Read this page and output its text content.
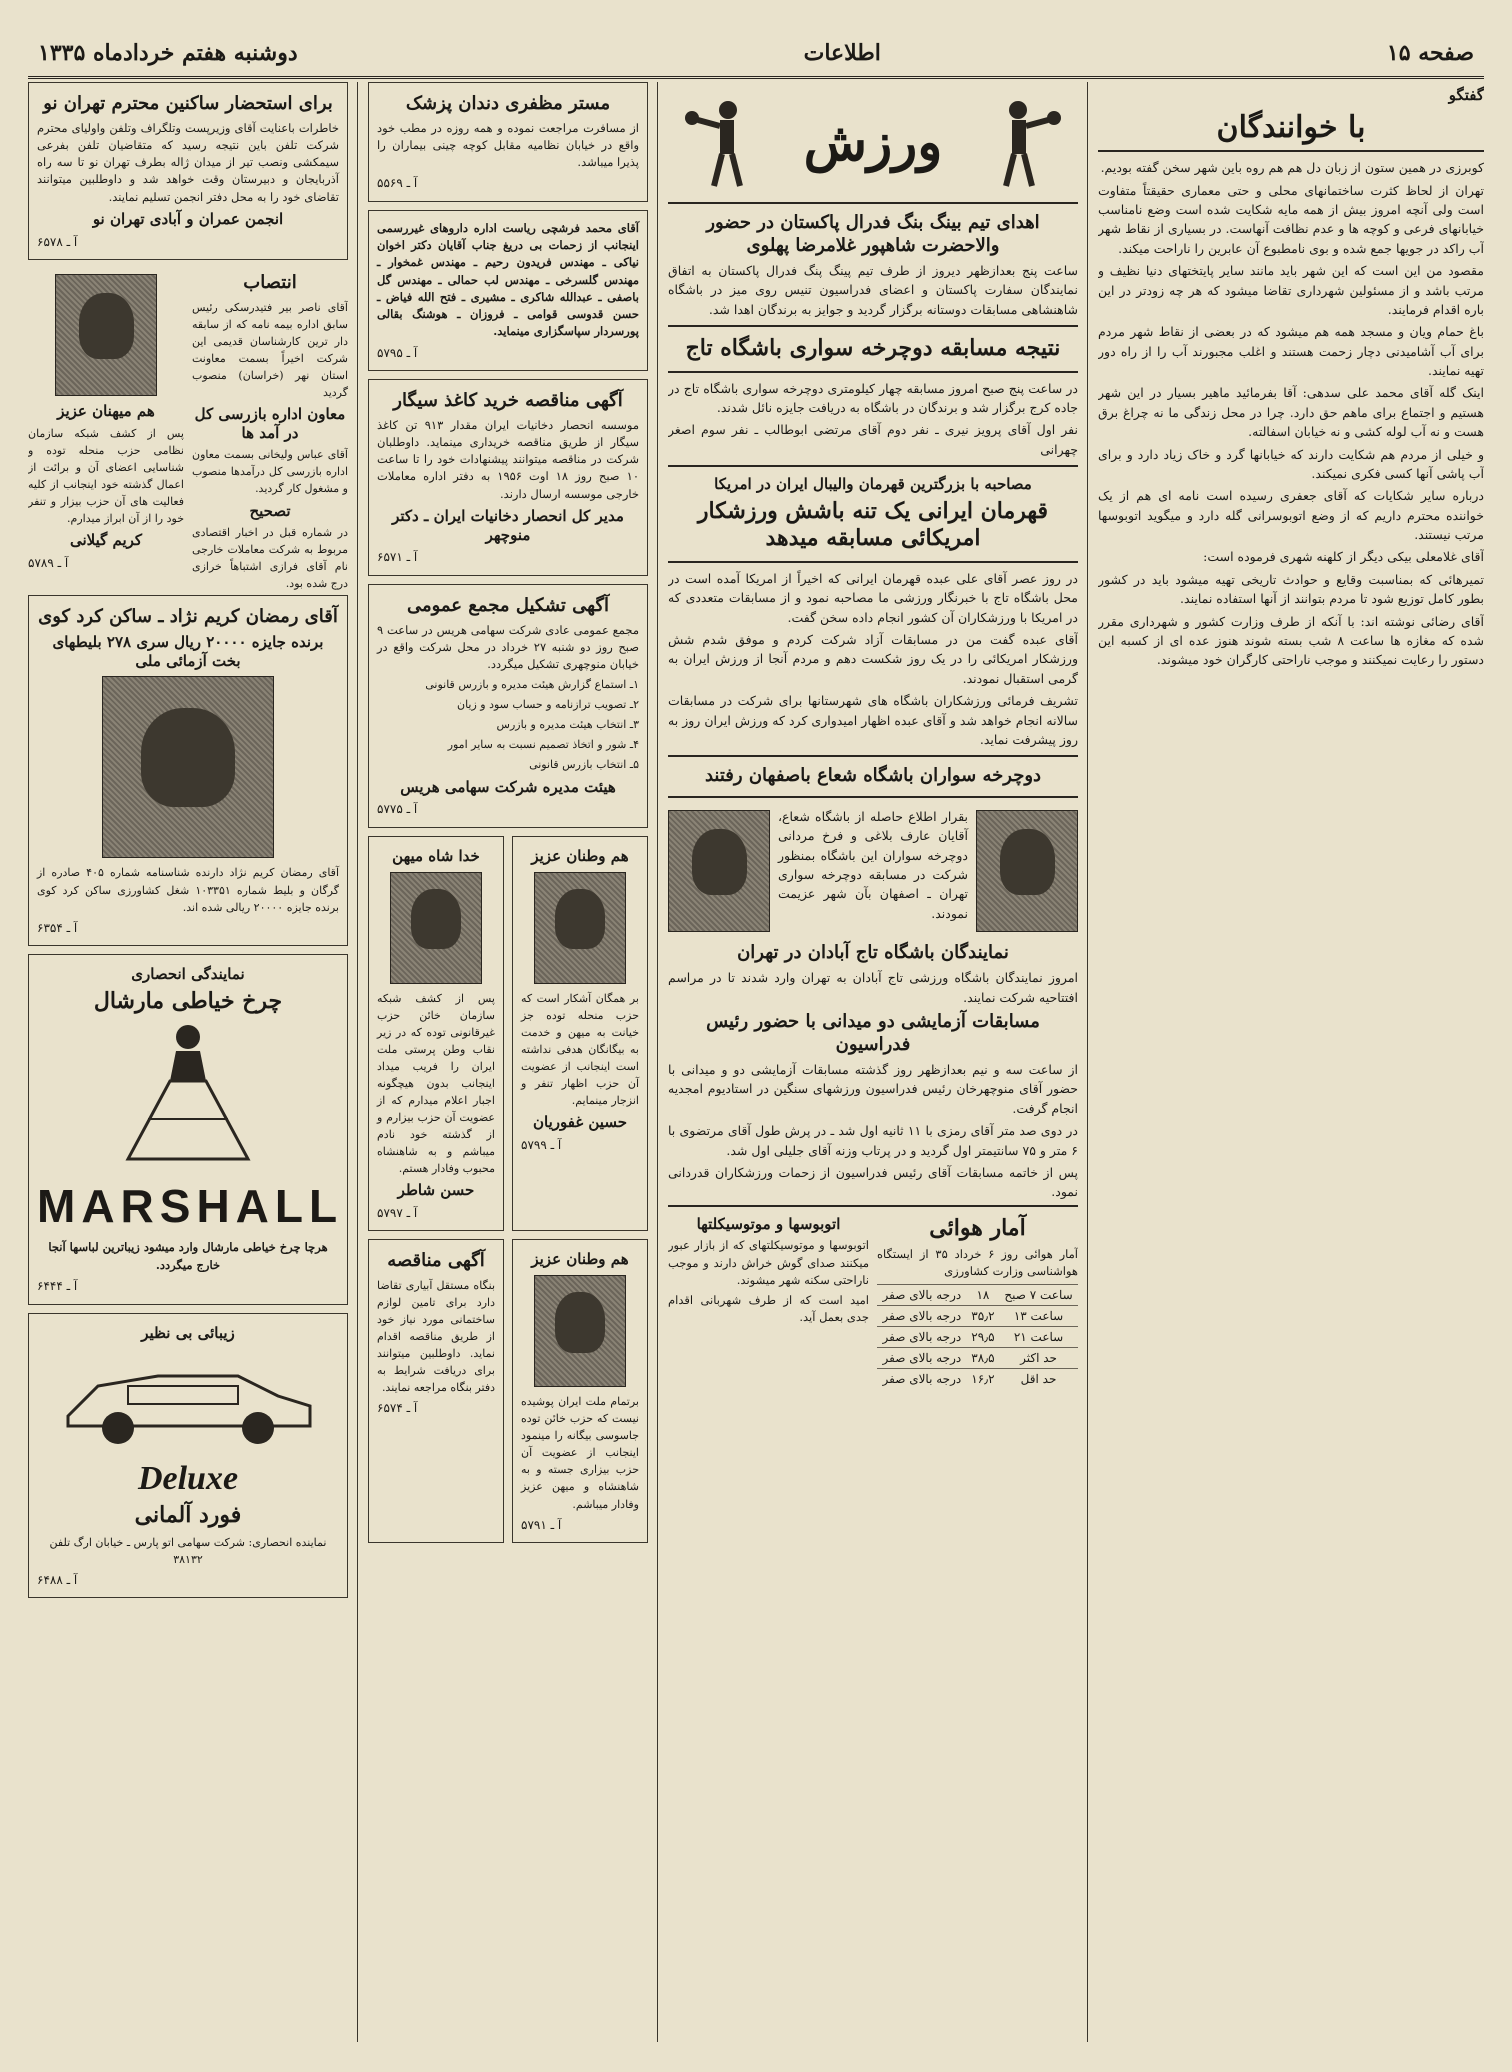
صفحه ۱۵
اطلاعات
دوشنبه هفتم خردادماه ۱۳۳۵
گفتگو
با خوانندگان

کوبرزی در همین ستون از زبان دل هم هم روه باین شهر سخن گفته بودیم.

تهران از لحاظ کثرت ساختمانهای محلی و حتی معماری حقیقتاً متفاوت است ولی آنچه امروز بیش از همه مایه شکایت شده است وضع نامناسب خیابانهای فرعی و کوچه ها و عدم نظافت آنهاست. در بسیاری از نقاط شهر آب راکد در جویها جمع شده و بوی نامطبوع آن عابرین را ناراحت میکند.

مقصود من این است که این شهر باید مانند سایر پایتختهای دنیا نظیف و مرتب باشد و از مسئولین شهرداری تقاضا میشود که هر چه زودتر در این باره اقدام فرمایند.

باغ حمام ویان و مسجد همه هم میشود که در بعضی از نقاط شهر مردم برای آب آشامیدنی دچار زحمت هستند و اغلب مجبورند آب را از راه دور تهیه نمایند.

اینک گله آقای محمد علی سدهی: آقا بفرمائید ماهیر بسیار در این شهر هستیم و اجتماع برای ماهم حق دارد. چرا در محل زندگی ما نه چراغ برق هست و نه آب لوله کشی و نه خیابان اسفالته.

و خیلی از مردم هم شکایت دارند که خیابانها گرد و خاک زیاد دارد و برای آب پاشی آنها کسی فکری نمیکند.

درباره سایر شکایات که آقای جعفری رسیده است نامه ای هم از یک خواننده محترم داریم که از وضع اتوبوسرانی گله دارد و میگوید اتوبوسها مرتب نیستند.

آقای غلامعلی بیکی دیگر از کلهنه شهری فرموده است:

تمیرهائی که بمناسبت وقایع و حوادث تاریخی تهیه میشود باید در کشور بطور کامل توزیع شود تا مردم بتوانند از آنها استفاده نمایند.

آقای رضائی نوشته اند: با آنکه از طرف وزارت کشور و شهرداری مقرر شده که مغازه ها ساعت ۸ شب بسته شوند هنوز عده ای از کسبه این دستور را رعایت نمیکنند و موجب ناراحتی کارگران خود میشوند.

ورزش
اهدای تیم بینگ بنگ فدرال پاکستان در حضور والاحضرت شاهپور غلامرضا پهلوی

ساعت پنج بعدازظهر دیروز از طرف تیم پینگ پنگ فدرال پاکستان به اتفاق نمایندگان سفارت پاکستان و اعضای فدراسیون تنیس روی میز در باشگاه شاهنشاهی مسابقات دوستانه برگزار گردید و جوایز به برندگان اهدا شد.

نتیجه مسابقه دوچرخه سواری باشگاه تاج

در ساعت پنج صبح امروز مسابقه چهار کیلومتری دوچرخه سواری باشگاه تاج در جاده کرج برگزار شد و برندگان در باشگاه به دریافت جایزه نائل شدند.

نفر اول آقای پرویز نیری ـ نفر دوم آقای مرتضی ابوطالب ـ نفر سوم اصغر چهرانی

مصاحبه با بزرگترین قهرمان والیبال ایران در امریکا
قهرمان ایرانی یک تنه باشش ورزشکار امریکائی مسابقه میدهد

در روز عصر آقای علی عبده قهرمان ایرانی که اخیراً از امریکا آمده است در محل باشگاه تاج با خبرنگار ورزشی ما مصاحبه نمود و از مسابقات متعددی که در امریکا با ورزشکاران آن کشور انجام داده سخن گفت.

آقای عبده گفت من در مسابقات آزاد شرکت کردم و موفق شدم شش ورزشکار امریکائی را در یک روز شکست دهم و مردم آنجا از ورزش ایران به گرمی استقبال نمودند.

تشریف فرمائی ورزشکاران باشگاه های شهرستانها برای شرکت در مسابقات سالانه انجام خواهد شد و آقای عبده اظهار امیدواری کرد که ورزش ایران روز به روز پیشرفت نماید.

دوچرخه سواران باشگاه شعاع باصفهان رفتند

بقرار اطلاع حاصله از باشگاه شعاع، آقایان عارف بلاغی و فرخ مردانی دوچرخه سواران این باشگاه بمنظور شرکت در مسابقه دوچرخه سواری تهران ـ اصفهان بآن شهر عزیمت نمودند.

نمایندگان باشگاه تاج آبادان در تهران

امروز نمایندگان باشگاه ورزشی تاج آبادان به تهران وارد شدند تا در مراسم افتتاحیه شرکت نمایند.

مسابقات آزمایشی دو میدانی با حضور رئیس فدراسیون

از ساعت سه و نیم بعدازظهر روز گذشته مسابقات آزمایشی دو و میدانی با حضور آقای منوچهرخان رئیس فدراسیون ورزشهای سنگین در استادیوم امجدیه انجام گرفت.

در دوی صد متر آقای رمزی با ۱۱ ثانیه اول شد ـ در پرش طول آقای مرتضوی با ۶ متر و ۷۵ سانتیمتر اول گردید و در پرتاب وزنه آقای جلیلی اول شد.

پس از خاتمه مسابقات آقای رئیس فدراسیون از زحمات ورزشکاران قدردانی نمود.

آمار هوائی

آمار هوائی روز ۶ خرداد ۳۵ از ایستگاه هواشناسی وزارت کشاورزی

ساعت ۷ صبح	۱۸	درجه بالای صفر
ساعت ۱۳	۳۵٫۲	درجه بالای صفر
ساعت ۲۱	۲۹٫۵	درجه بالای صفر
حد اکثر	۳۸٫۵	درجه بالای صفر
حد اقل	۱۶٫۲	درجه بالای صفر
اتوبوسها و موتوسیکلتها

اتوبوسها و موتوسیکلتهای که از بازار عبور میکنند صدای گوش خراش دارند و موجب ناراحتی سکنه شهر میشوند.

امید است که از طرف شهربانی اقدام جدی بعمل آید.

مستر مظفری دندان پزشک

از مسافرت مراجعت نموده و همه روزه در مطب خود واقع در خیابان نظامیه مقابل کوچه چینی بیماران را پذیرا میباشد.

آ ـ ۵۵۶۹

آقای محمد فرشچی ریاست اداره داروهای غیررسمی اینجانب از زحمات بی دریغ جناب آقایان دکتر اخوان نیاکی ـ مهندس فریدون رحیم ـ مهندس غمخوار ـ مهندس گلسرخی ـ مهندس لب حمالی ـ مهندس گل باصفی ـ عبدالله شاکری ـ مشیری ـ فتح الله فیاض ـ حسن قدوسی قوامی ـ فروزان ـ هوشنگ بقالی پورسردار سپاسگزاری مینماید.

آ ـ ۵۷۹۵

آگهی مناقصه خرید کاغذ سیگار

موسسه انحصار دخانیات ایران مقدار ۹۱۳ تن کاغذ سیگار از طریق مناقصه خریداری مینماید. داوطلبان شرکت در مناقصه میتوانند پیشنهادات خود را تا ساعت ۱۰ صبح روز ۱۸ اوت ۱۹۵۶ به دفتر اداره معاملات خارجی موسسه ارسال دارند.

مدیر کل انحصار دخانیات ایران ـ دکتر منوچهر

آ ـ ۶۵۷۱

آگهی تشکیل مجمع عمومی

مجمع عمومی عادی شرکت سهامی هریس در ساعت ۹ صبح روز دو شنبه ۲۷ خرداد در محل شرکت واقع در خیابان منوچهری تشکیل میگردد.

۱ـ استماع گزارش هیئت مدیره و بازرس قانونی

۲ـ تصویب ترازنامه و حساب سود و زیان

۳ـ انتخاب هیئت مدیره و بازرس

۴ـ شور و اتخاذ تصمیم نسبت به سایر امور

۵ـ انتخاب بازرس قانونی

هیئت مدیره شرکت سهامی هریس

آ ـ ۵۷۷۵

هم وطنان عزیز

بر همگان آشکار است که حزب منحله توده جز خیانت به میهن و خدمت به بیگانگان هدفی نداشته است اینجانب از عضویت آن حزب اظهار تنفر و انزجار مینمایم.

حسین غفوریان

آ ـ ۵۷۹۹

خدا شاه میهن

پس از کشف شبکه سازمان خائن حزب غیرقانونی توده که در زیر نقاب وطن پرستی ملت ایران را فریب میداد اینجانب بدون هیچگونه اجبار اعلام میدارم که از عضویت آن حزب بیزارم و از گذشته خود نادم میباشم و به شاهنشاه محبوب وفادار هستم.

حسن شاطر

آ ـ ۵۷۹۷

هم وطنان عزیز

برتمام ملت ایران پوشیده نیست که حزب خائن توده جاسوسی بیگانه را مینمود اینجانب از عضویت آن حزب بیزاری جسته و به شاهنشاه و میهن عزیز وفادار میباشم.

آ ـ ۵۷۹۱

آگهی مناقصه

بنگاه مستقل آبیاری تقاضا دارد برای تامین لوازم ساختمانی مورد نیاز خود از طریق مناقصه اقدام نماید. داوطلبین میتوانند برای دریافت شرایط به دفتر بنگاه مراجعه نمایند.

آ ـ ۶۵۷۴

برای استحضار ساکنین محترم تهران نو

خاطرات باعنایت آقای وزیرپست وتلگراف وتلفن واولیای محترم شرکت تلفن باین نتیجه رسید که متقاضیان تلفن بفرعی سیمکشی ونصب تیر از میدان ژاله بطرف تهران نو تا سه راه آذربایجان و دبیرستان وقت خواهد شد و داوطلبین میتوانند تقاضای خود را به محل دفتر انجمن تسلیم نمایند.

انجمن عمران و آبادی تهران نو

آ ـ ۶۵۷۸

انتصاب

آقای ناصر بیر فتیدرسکی رئیس سابق اداره بیمه نامه که از سابقه دار ترین کارشناسان قدیمی این شرکت اخیراً بسمت معاونت استان نهر (خراسان) منصوب گردید

معاون اداره بازرسی کل در آمد ها

آقای عباس ولیخانی بسمت معاون اداره بازرسی کل درآمدها منصوب و مشغول کار گردید.

تصحیح

در شماره قبل در اخبار اقتصادی مربوط به شرکت معاملات خارجی نام آقای فرازی اشتباهاً خرازی درج شده بود.

هم میهنان عزیز

پس از کشف شبکه سازمان نظامی حزب منحله توده و شناسایی اعضای آن و برائت از اعمال گذشته خود اینجانب از کلیه فعالیت های آن حزب بیزار و تنفر خود را از آن ابراز میدارم.

کریم گیلانی

آ ـ ۵۷۸۹

آقای رمضان کریم نژاد ـ ساکن کرد کوی
برنده جایزه ۲۰۰۰۰ ریال سری ۲۷۸ بلیطهای بخت آزمائی ملی

آقای رمضان کریم نژاد دارنده شناسنامه شماره ۴۰۵ صادره از گرگان و بلیط شماره ۱۰۳۳۵۱ شغل کشاورزی ساکن کرد کوی برنده جایزه ۲۰۰۰۰ ریالی شده اند.

آ ـ ۶۳۵۴

نمایندگی انحصاری
چرخ خیاطی مارشال
MARSHALL

هرچا چرخ خیاطی مارشال وارد میشود زیباترین لباسها آنجا خارج میگردد.

آ ـ ۶۴۴۴

زیبائی بی نظیر
Deluxe
فورد آلمانی

نماینده انحصاری: شرکت سهامی اتو پارس ـ خیابان ارگ تلفن ۳۸۱۳۲

آ ـ ۶۴۸۸
